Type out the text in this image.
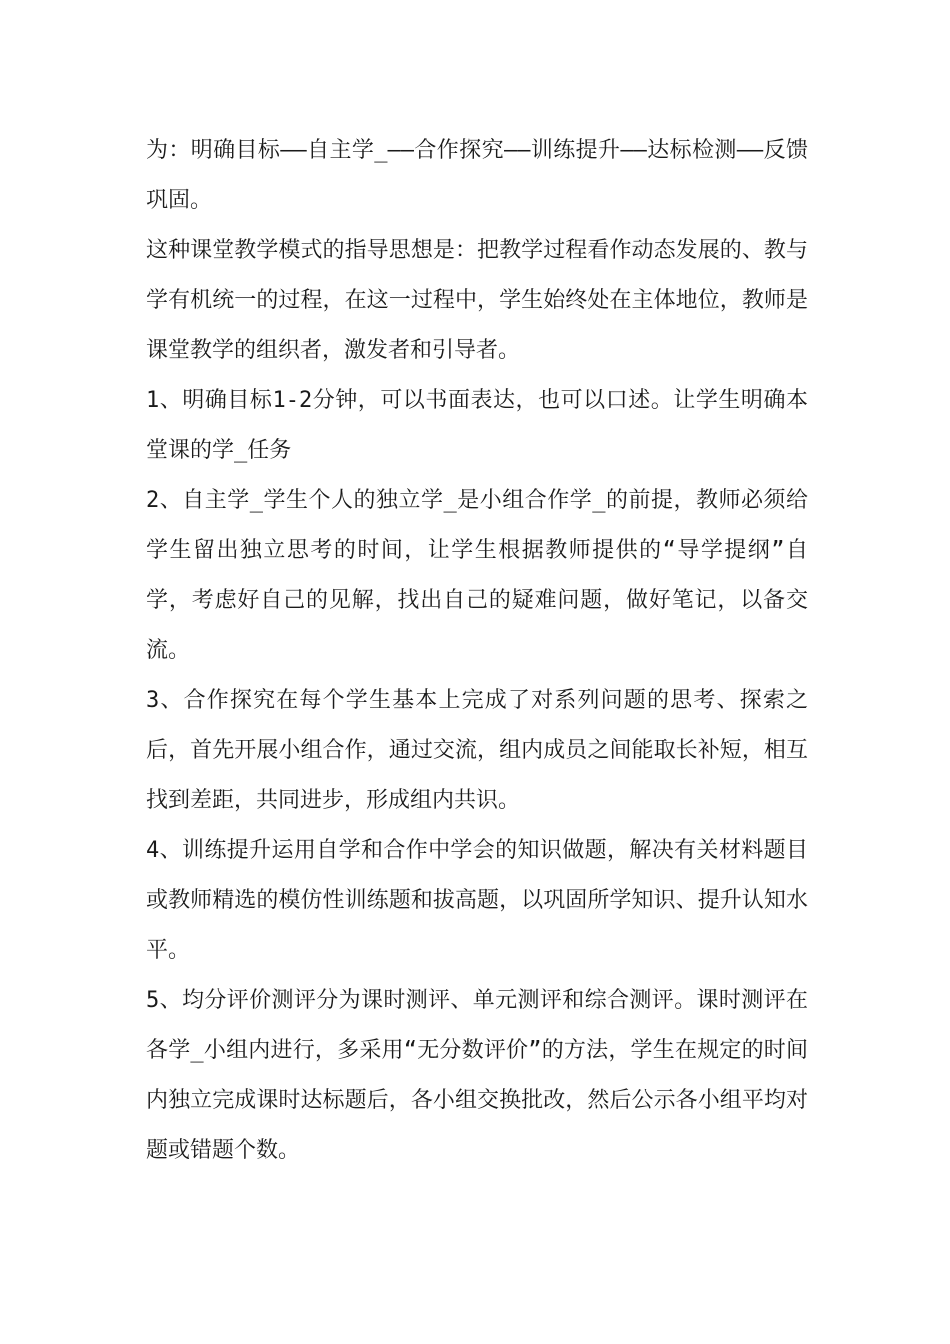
为：明确目标——自主学_——合作探究——训练提升——达标检测——反馈巩固。

这种课堂教学模式的指导思想是：把教学过程看作动态发展的、教与学有机统一的过程，在这一过程中，学生始终处在主体地位，教师是课堂教学的组织者，激发者和引导者。

1、明确目标1-2分钟，可以书面表达，也可以口述。让学生明确本堂课的学_任务

2、自主学_学生个人的独立学_是小组合作学_的前提，教师必须给学生留出独立思考的时间，让学生根据教师提供的“导学提纲”自学，考虑好自己的见解，找出自己的疑难问题，做好笔记，以备交流。

3、合作探究在每个学生基本上完成了对系列问题的思考、探索之后，首先开展小组合作，通过交流，组内成员之间能取长补短，相互找到差距，共同进步，形成组内共识。

4、训练提升运用自学和合作中学会的知识做题，解决有关材料题目或教师精选的模仿性训练题和拔高题，以巩固所学知识、提升认知水平。

5、均分评价测评分为课时测评、单元测评和综合测评。课时测评在各学_小组内进行，多采用“无分数评价”的方法，学生在规定的时间内独立完成课时达标题后，各小组交换批改，然后公示各小组平均对题或错题个数。
